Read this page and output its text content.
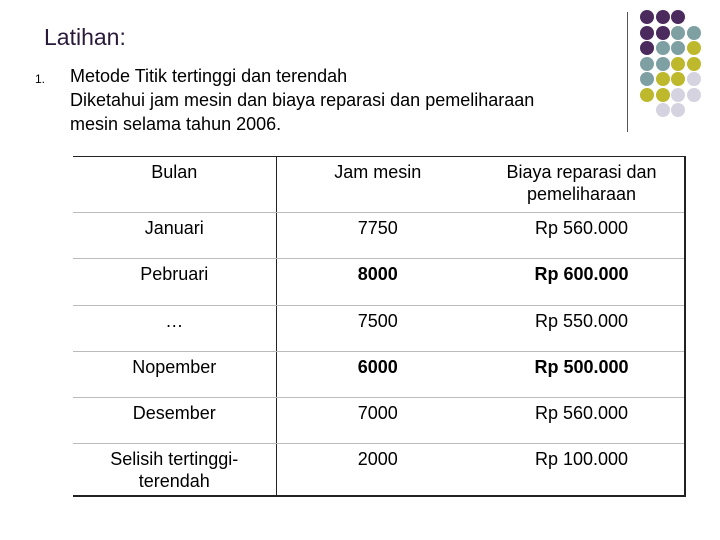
Latihan:
1. Metode Titik tertinggi dan terendah
Diketahui jam mesin dan biaya reparasi dan pemeliharaan
mesin selama tahun 2006.
Bulan	Jam mesin	Biaya reparasi dan pemeliharaan
Januari	7750	Rp 560.000
Pebruari	8000	Rp 600.000
…	7500	Rp 550.000
Nopember	6000	Rp 500.000
Desember	7000	Rp 560.000
Selisih tertinggi-terendah	2000	Rp 100.000
